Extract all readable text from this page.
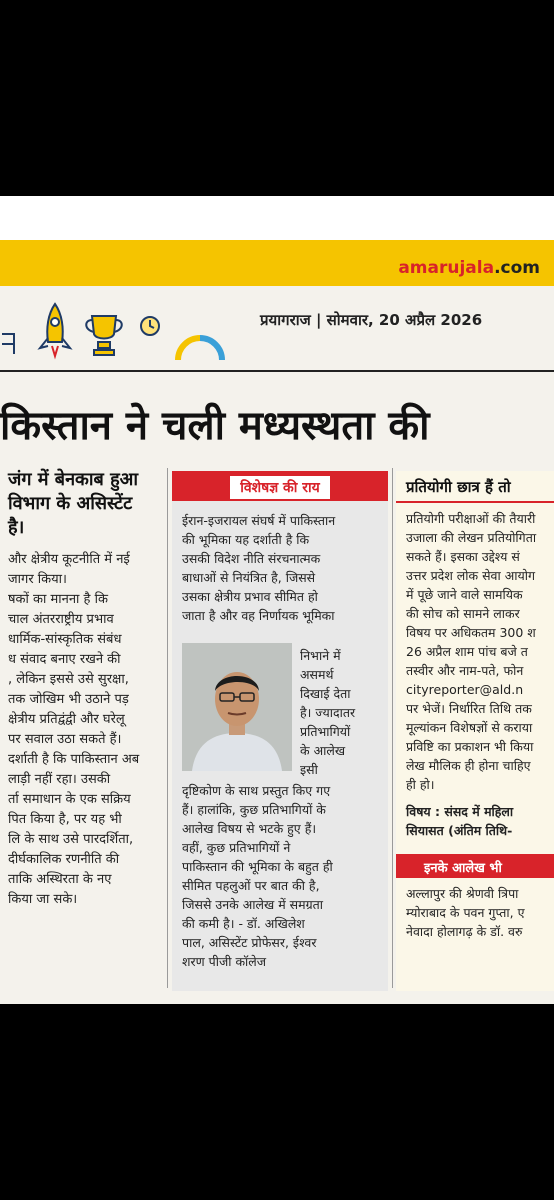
amarujala.com
प्रयागराज | सोमवार, 20 अप्रैल 2026
किस्तान ने चली मध्यस्थता की
जंग में बेनकाब हुआ
विभाग के असिस्टेंट
है।
और क्षेत्रीय कूटनीति में नई
जागर किया।
षकों का मानना है कि
चाल अंतरराष्ट्रीय प्रभाव
धार्मिक-सांस्कृतिक संबंध
ध संवाद बनाए रखने की
, लेकिन इससे उसे सुरक्षा,
तक जोखिम भी उठाने पड़
क्षेत्रीय प्रतिद्वंद्वी और घरेलू
पर सवाल उठा सकते हैं।
दर्शाती है कि पाकिस्तान अब
लाड़ी नहीं रहा। उसकी
र्ता समाधान के एक सक्रिय
पित किया है, पर यह भी
लि के साथ उसे पारदर्शिता,
दीर्घकालिक रणनीति की
ताकि अस्थिरता के नए
किया जा सके।
विशेषज्ञ की राय
ईरान-इजरायल संघर्ष में पाकिस्तान
की भूमिका यह दर्शाती है कि
उसकी विदेश नीति संरचनात्मक
बाधाओं से नियंत्रित है, जिससे
उसका क्षेत्रीय प्रभाव सीमित हो
जाता है और वह निर्णायक भूमिका
निभाने में
असमर्थ
दिखाई देता
है। ज्यादातर
प्रतिभागियों
के आलेख
इसी
दृष्टिकोण के साथ प्रस्तुत किए गए
हैं। हालांकि, कुछ प्रतिभागियों के
आलेख विषय से भटके हुए हैं।
वहीं, कुछ प्रतिभागियों ने
पाकिस्तान की भूमिका के बहुत ही
सीमित पहलुओं पर बात की है,
जिससे उनके आलेख में समग्रता
की कमी है। - डॉ. अखिलेश
पाल, असिस्टेंट प्रोफेसर, ईश्वर
शरण पीजी कॉलेज
प्रतियोगी छात्र हैं तो
प्रतियोगी परीक्षाओं की तैयारी
उजाला की लेखन प्रतियोगिता
सकते हैं। इसका उद्देश्य सं
उत्तर प्रदेश लोक सेवा आयोग
में पूछे जाने वाले सामयिक
की सोच को सामने लाकर
विषय पर अधिकतम 300 श
26 अप्रैल शाम पांच बजे त
तस्वीर और नाम-पते, फोन
cityreporter@ald.n
पर भेजें। निर्धारित तिथि तक
मूल्यांकन विशेषज्ञों से कराया
प्रविष्टि का प्रकाशन भी किया
लेख मौलिक ही होना चाहिए
ही हो।
विषय : संसद में महिला
सियासत (अंतिम तिथि-
इनके आलेख भी
अल्लापुर की श्रेणवी त्रिपा
म्योराबाद के पवन गुप्ता, ए
नेवादा होलागढ़ के डॉ. वरु
